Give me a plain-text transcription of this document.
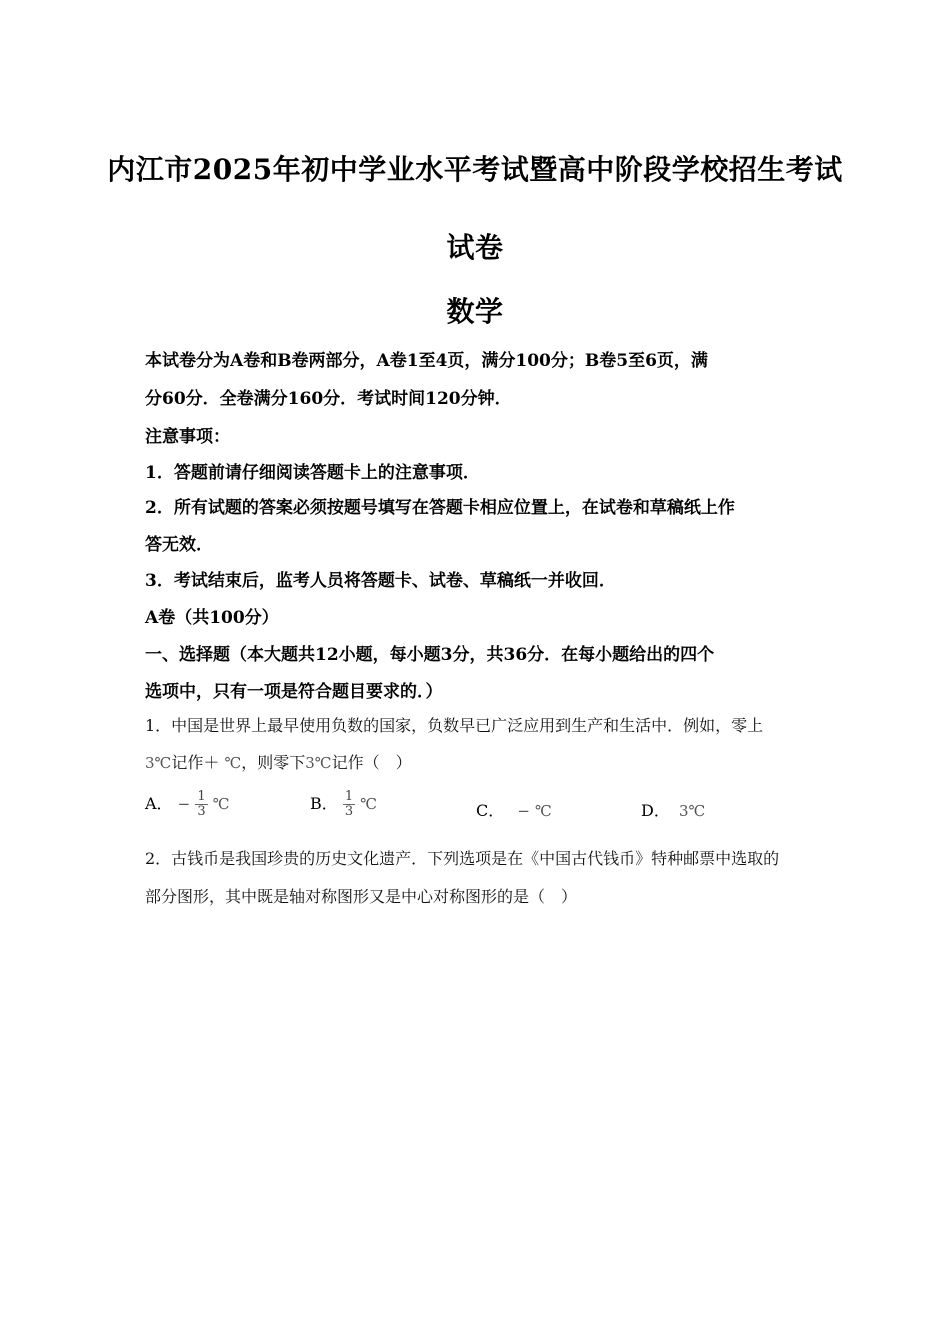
内江市2025年初中学业水平考试暨高中阶段学校招生考试
试卷
数学
本试卷分为A卷和B卷两部分，A卷1至4页，满分100分；B卷5至6页，满
分60分．全卷满分160分．考试时间120分钟．
注意事项：
1．答题前请仔细阅读答题卡上的注意事项．
2．所有试题的答案必须按题号填写在答题卡相应位置上，在试卷和草稿纸上作
答无效．
3．考试结束后，监考人员将答题卡、试卷、草稿纸一并收回．
A卷（共100分）
一、选择题（本大题共12小题，每小题3分，共36分．在每小题给出的四个
选项中，只有一项是符合题目要求的．）
1．中国是世界上最早使用负数的国家，负数早已广泛应用到生产和生活中．例如，零上
3℃记作＋ ℃，则零下3℃记作（　）
A． − $\frac{1}{3}$ ℃	B． $\frac{1}{3}$ ℃	C． − ℃	D． 3℃
2．古钱币是我国珍贵的历史文化遗产．下列选项是在《中国古代钱币》特种邮票中选取的
部分图形，其中既是轴对称图形又是中心对称图形的是（　）
